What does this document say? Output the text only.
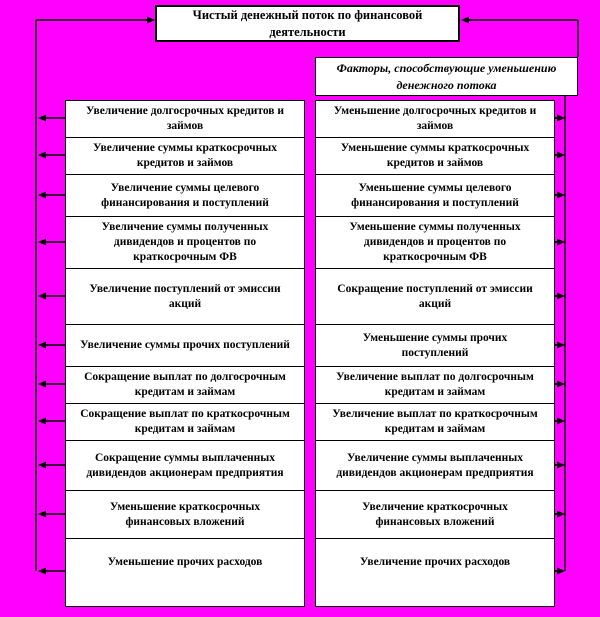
Чистый денежный поток по финансовой деятельности
Факторы, способствующие уменьшению денежного потока
Увеличение долгосрочных кредитов и займов
Увеличение суммы краткосрочных кредитов и займов
Увеличение суммы целевого финансирования и поступлений
Увеличение суммы полученных дивидендов и процентов по краткосрочным ФВ
Увеличение поступлений от эмиссии акций
Увеличение суммы прочих поступлений
Сокращение выплат по долгосрочным кредитам и займам
Сокращение выплат по краткосрочным кредитам и займам
Сокращение суммы выплаченных дивидендов акционерам предприятия
Уменьшение краткосрочных финансовых вложений
Уменьшение прочих расходов
Уменьшение долгосрочных кредитов и займов
Уменьшение суммы краткосрочных кредитов и займов
Уменьшение суммы целевого финансирования и поступлений
Уменьшение суммы полученных дивидендов и процентов по краткосрочным ФВ
Сокращение поступлений от эмиссии акций
Уменьшение суммы прочих поступлений
Увеличение выплат по долгосрочным кредитам и займам
Увеличение выплат по краткосрочным кредитам и займам
Увеличение суммы выплаченных дивидендов акционерам предприятия
Увеличение краткосрочных финансовых вложений
Увеличение прочих расходов
